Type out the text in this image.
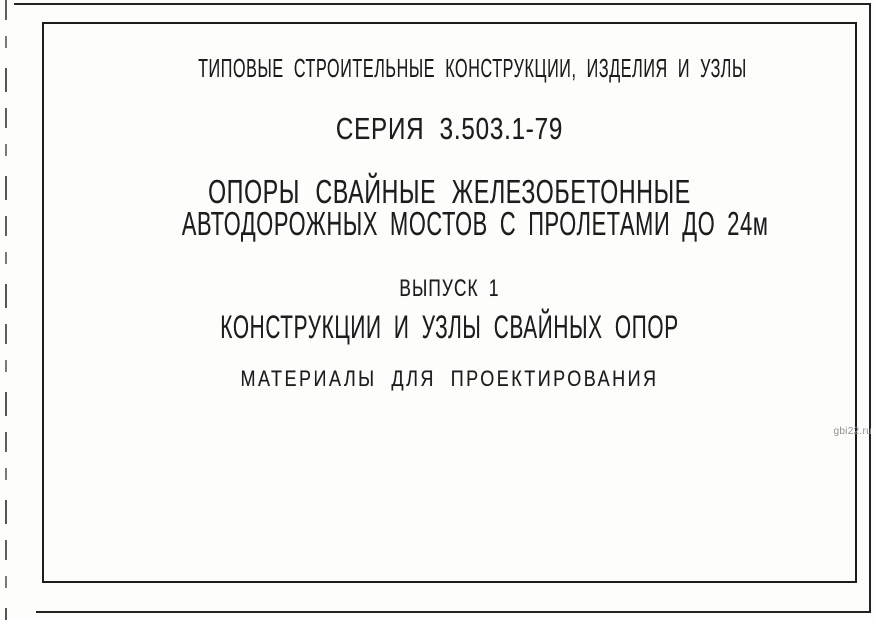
ТИПОВЫЕ СТРОИТЕЛЬНЫЕ КОНСТРУКЦИИ, ИЗДЕЛИЯ И УЗЛЫ
СЕРИЯ 3.503.1-79
ОПОРЫ СВАЙНЫЕ ЖЕЛЕЗОБЕТОННЫЕ
АВТОДОРОЖНЫХ МОСТОВ С ПРОЛЕТАМИ ДО 24м
ВЫПУСК 1
КОНСТРУКЦИИ И УЗЛЫ СВАЙНЫХ ОПОР
МАТЕРИАЛЫ ДЛЯ ПРОЕКТИРОВАНИЯ
gbi22.ru
